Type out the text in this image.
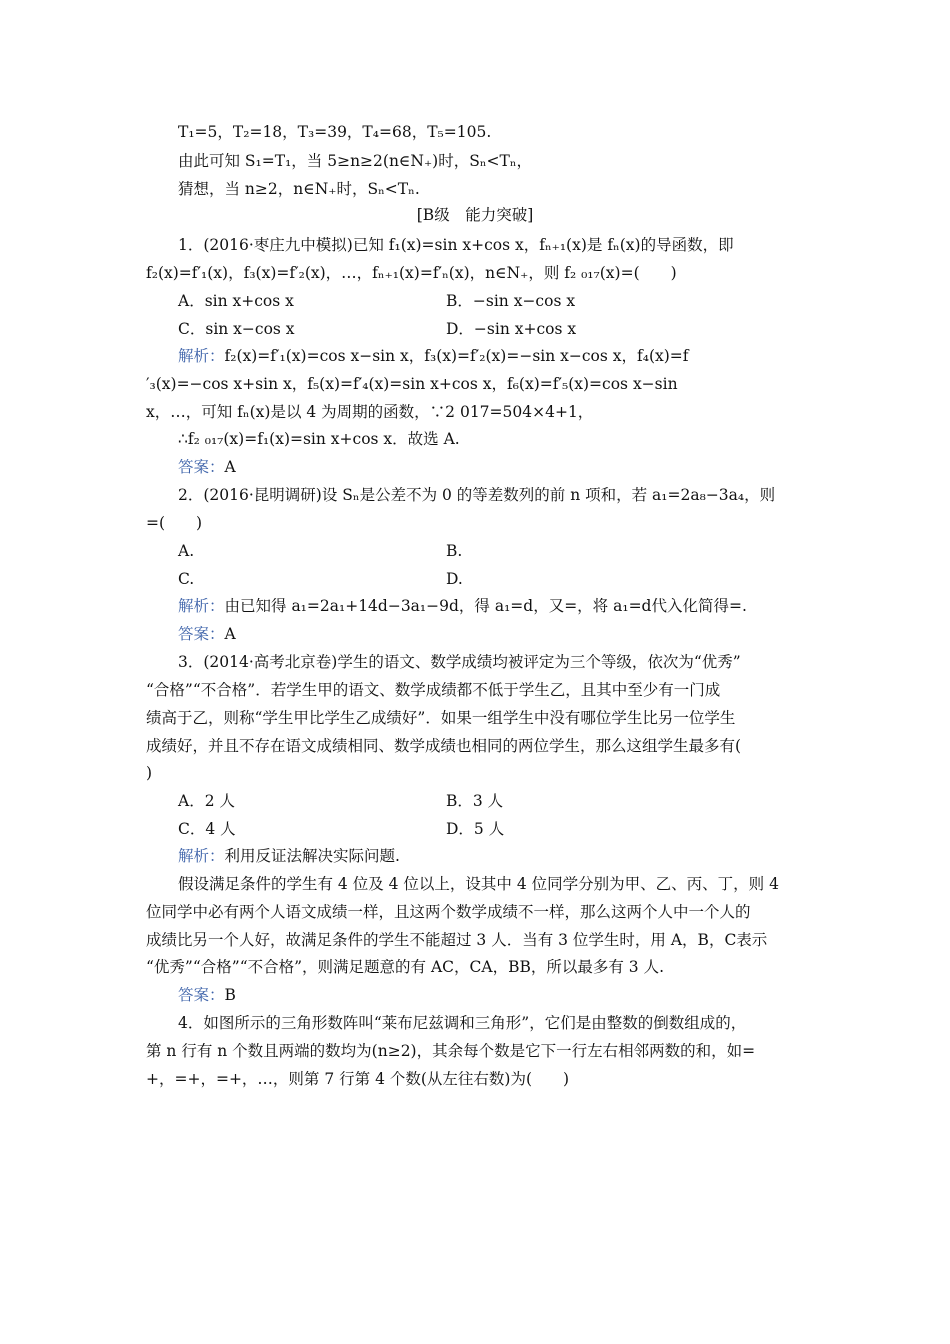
T₁=5，T₂=18，T₃=39，T₄=68，T₅=105.
由此可知 S₁=T₁，当 5≥n≥2(n∈N₊)时，Sₙ<Tₙ，
猜想，当 n≥2，n∈N₊时，Sₙ<Tₙ.
[B级　能力突破]
1．(2016·枣庄九中模拟)已知 f₁(x)=sin x+cos x，fₙ₊₁(x)是 fₙ(x)的导函数，即
f₂(x)=f′₁(x)，f₃(x)=f′₂(x)，…，fₙ₊₁(x)=f′ₙ(x)，n∈N₊，则 f₂ ₀₁₇(x)=(　　)
A．sin x+cos x	B．−sin x−cos x
C．sin x−cos x	D．−sin x+cos x
解析：f₂(x)=f′₁(x)=cos x−sin x，f₃(x)=f′₂(x)=−sin x−cos x，f₄(x)=f
′₃(x)=−cos x+sin x，f₅(x)=f′₄(x)=sin x+cos x，f₆(x)=f′₅(x)=cos x−sin
x，…，可知 fₙ(x)是以 4 为周期的函数，∵2 017=504×4+1，
∴f₂ ₀₁₇(x)=f₁(x)=sin x+cos x．故选 A.
答案：A
2．(2016·昆明调研)设 Sₙ是公差不为 0 的等差数列的前 n 项和，若 a₁=2a₈−3a₄，则
=(　　)
A.	B.
C.	D.
解析：由已知得 a₁=2a₁+14d−3a₁−9d，得 a₁=d，又=，将 a₁=d代入化简得=.
答案：A
3．(2014·高考北京卷)学生的语文、数学成绩均被评定为三个等级，依次为“优秀”
“合格”“不合格”．若学生甲的语文、数学成绩都不低于学生乙，且其中至少有一门成
绩高于乙，则称“学生甲比学生乙成绩好”．如果一组学生中没有哪位学生比另一位学生
成绩好，并且不存在语文成绩相同、数学成绩也相同的两位学生，那么这组学生最多有(
)
A．2 人	B．3 人
C．4 人	D．5 人
解析：利用反证法解决实际问题.
假设满足条件的学生有 4 位及 4 位以上，设其中 4 位同学分别为甲、乙、丙、丁，则 4
位同学中必有两个人语文成绩一样，且这两个数学成绩不一样，那么这两个人中一个人的
成绩比另一个人好，故满足条件的学生不能超过 3 人．当有 3 位学生时，用 A，B，C表示
“优秀”“合格”“不合格”，则满足题意的有 AC，CA，BB，所以最多有 3 人.
答案：B
4．如图所示的三角形数阵叫“莱布尼兹调和三角形”，它们是由整数的倒数组成的，
第 n 行有 n 个数且两端的数均为(n≥2)，其余每个数是它下一行左右相邻两数的和，如=
+，=+，=+，…，则第 7 行第 4 个数(从左往右数)为(　　)
